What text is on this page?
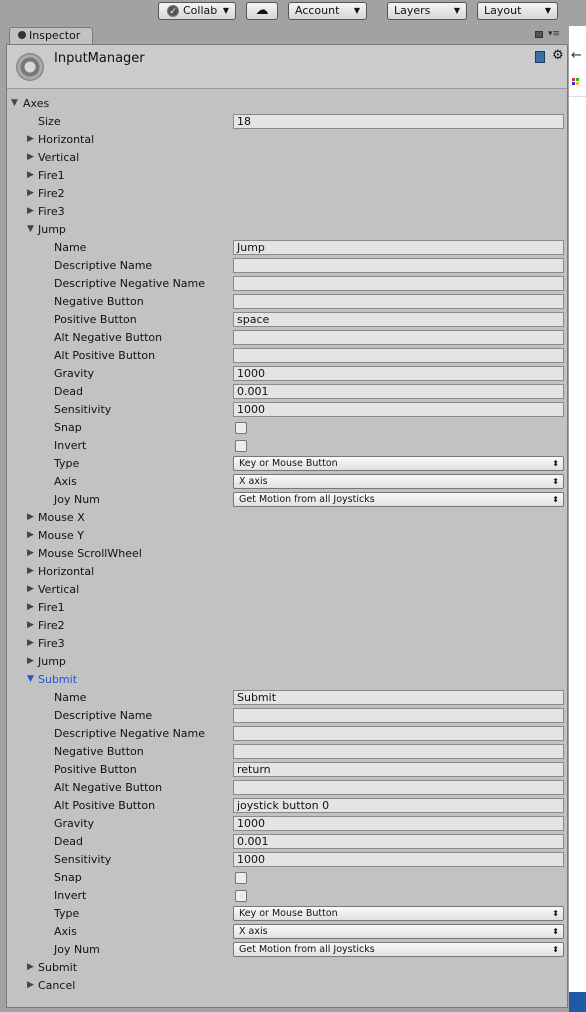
✓ Collab ▼	☁	Account ▼	Layers	▼	Layout	▼
Inspector	▾≡
InputManager	⚙
▼ Axes
Size	18
▶ Horizontal
▶ Vertical
▶ Fire1
▶ Fire2
▶ Fire3
▼ Jump
Name	Jump
Descriptive Name
Descriptive Negative Name
Negative Button
Positive Button	space
Alt Negative Button
Alt Positive Button
Gravity	1000
Dead	0.001
Sensitivity	1000
Snap
Invert
Type	Key or Mouse Button	⬍
Axis	X axis	⬍
Joy Num	Get Motion from all Joysticks	⬍
▶ Mouse X
▶ Mouse Y
▶ Mouse ScrollWheel
▶ Horizontal
▶ Vertical
▶ Fire1
▶ Fire2
▶ Fire3
▶ Jump
▼ Submit
Name	Submit
Descriptive Name
Descriptive Negative Name
Negative Button
Positive Button	return
Alt Negative Button
Alt Positive Button	joystick button 0
Gravity	1000
Dead	0.001
Sensitivity	1000
Snap
Invert
Type	Key or Mouse Button	⬍
Axis	X axis	⬍
Joy Num	Get Motion from all Joysticks	⬍
▶ Submit
▶ Cancel
←
